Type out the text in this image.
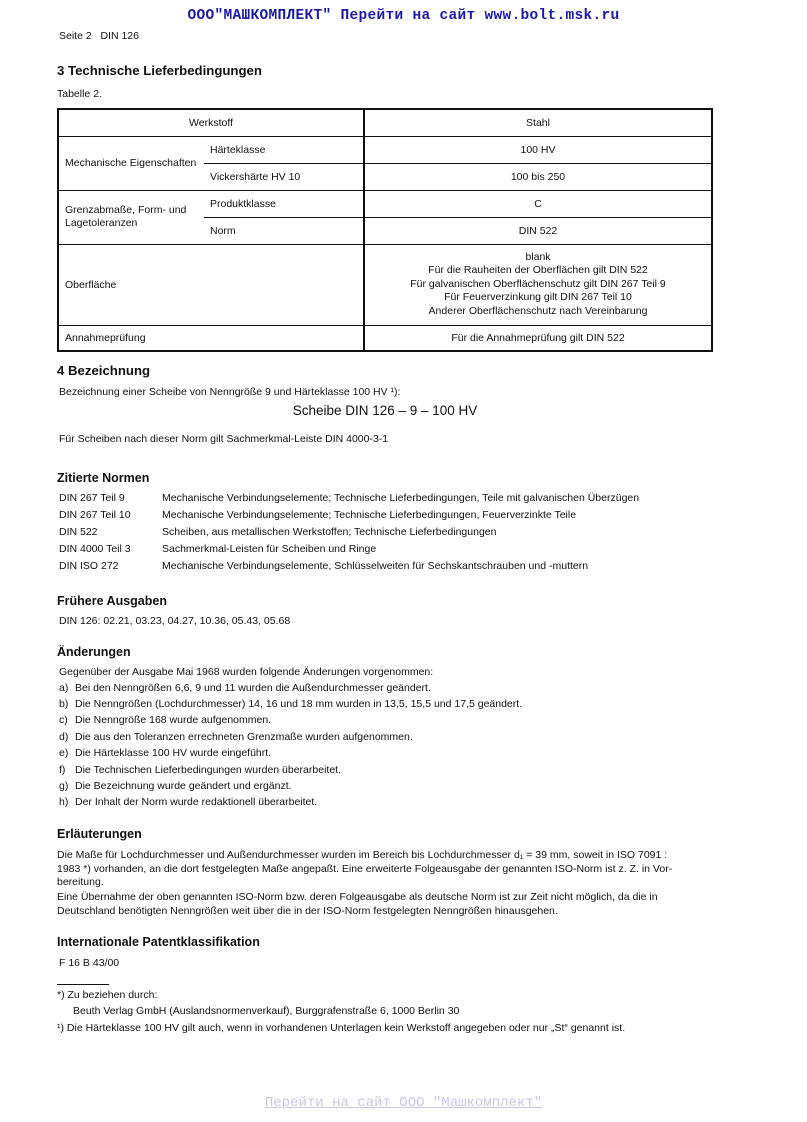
ООО"МАШКОМПЛЕКТ" Перейти на сайт www.bolt.msk.ru
Seite 2 DIN 126
3 Technische Lieferbedingungen
Tabelle 2.
Werkstoff		Stahl
Mechanische Eigenschaften	Härteklasse	100 HV
	Vickershärte HV 10	100 bis 250
Grenzabmaße, Form- und Lagetoleranzen	Produktklasse	C
	Norm	DIN 522
Oberfläche		blank
Für die Rauheiten der Oberflächen gilt DIN 522
Für galvanischen Oberflächenschutz gilt DIN 267 Teil 9
Für Feuerverzinkung gilt DIN 267 Teil 10
Anderer Oberflächenschutz nach Vereinbarung

Annahmeprüfung		Für die Annahmeprüfung gilt DIN 522
4 Bezeichnung
Bezeichnung einer Scheibe von Nenngröße 9 und Härteklasse 100 HV ¹):
Scheibe DIN 126 – 9 – 100 HV
Für Scheiben nach dieser Norm gilt Sachmerkmal-Leiste DIN 4000-3-1
Zitierte Normen
DIN 267 Teil 9	Mechanische Verbindungselemente; Technische Lieferbedingungen, Teile mit galvanischen Überzügen
DIN 267 Teil 10	Mechanische Verbindungselemente; Technische Lieferbedingungen, Feuerverzinkte Teile
DIN 522	Scheiben, aus metallischen Werkstoffen; Technische Lieferbedingungen
DIN 4000 Teil 3	Sachmerkmal-Leisten für Scheiben und Ringe
DIN ISO 272	Mechanische Verbindungselemente, Schlüsselweiten für Sechskantschrauben und -muttern
Frühere Ausgaben
DIN 126: 02.21, 03.23, 04.27, 10.36, 05.43, 05.68
Änderungen
Gegenüber der Ausgabe Mai 1968 wurden folgende Änderungen vorgenommen:
a) Bei den Nenngrößen 6,6, 9 und 11 wurden die Außendurchmesser geändert.
b) Die Nenngrößen (Lochdurchmesser) 14, 16 und 18 mm wurden in 13,5, 15,5 und 17,5 geändert.
c) Die Nenngröße 168 wurde aufgenommen.
d) Die aus den Toleranzen errechneten Grenzmaße wurden aufgenommen.
e) Die Härteklasse 100 HV wurde eingeführt.
f) Die Technischen Lieferbedingungen wurden überarbeitet.
g) Die Bezeichnung wurde geändert und ergänzt.
h) Der Inhalt der Norm wurde redaktionell überarbeitet.
Erläuterungen
Die Maße für Lochdurchmesser und Außendurchmesser wurden im Bereich bis Lochdurchmesser d₁ = 39 mm, soweit in ISO 7091 :
1983 *) vorhanden, an die dort festgelegten Maße angepaßt. Eine erweiterte Folgeausgabe der genannten ISO-Norm ist z. Z. in Vor-
bereitung.
Eine Übernahme der oben genannten ISO-Norm bzw. deren Folgeausgabe als deutsche Norm ist zur Zeit nicht möglich, da die in
Deutschland benötigten Nenngrößen weit über die in der ISO-Norm festgelegten Nenngrößen hinausgehen.
Internationale Patentklassifikation
F 16 B 43/00
*) Zu beziehen durch:
Beuth Verlag GmbH (Auslandsnormenverkauf), Burggrafenstraße 6, 1000 Berlin 30
¹) Die Härteklasse 100 HV gilt auch, wenn in vorhandenen Unterlagen kein Werkstoff angegeben oder nur „St“ genannt ist.
Перейти на сайт ООО "Машкомплект"
